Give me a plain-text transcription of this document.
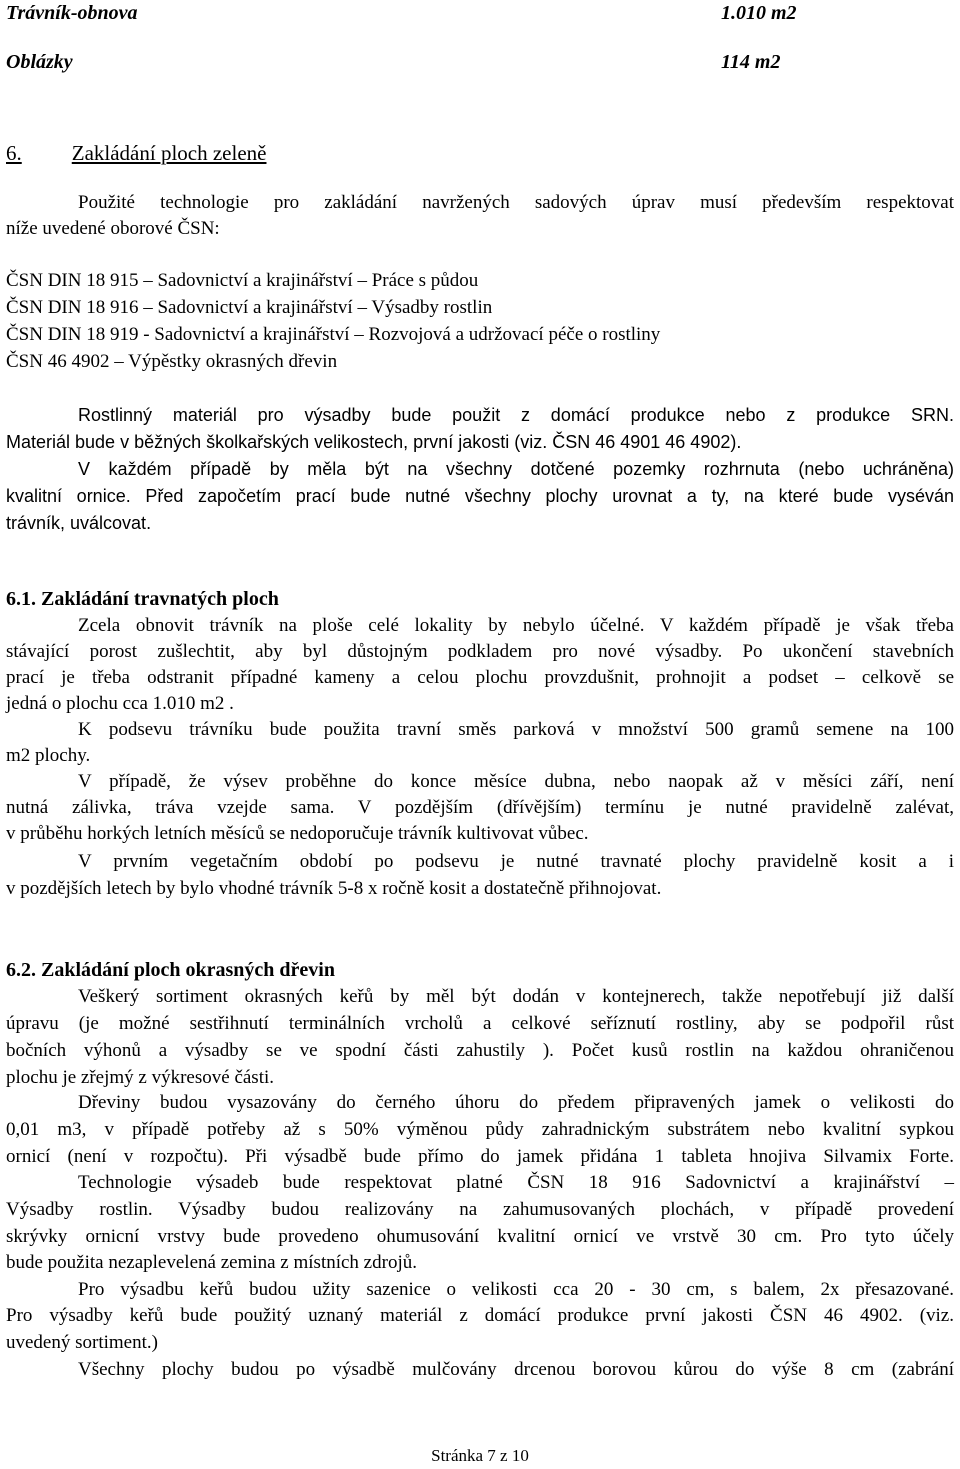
Trávník-obnova	1.010 m2
Oblázky	114 m2
6. Zakládání ploch zeleně
Použité technologie pro zakládání navržených sadových úprav musí především respektovat
níže uvedené oborové ČSN:
ČSN DIN 18 915 – Sadovnictví a krajinářství – Práce s půdou
ČSN DIN 18 916 – Sadovnictví a krajinářství – Výsadby rostlin
ČSN DIN 18 919 - Sadovnictví a krajinářství – Rozvojová a udržovací péče o rostliny
ČSN 46 4902 – Výpěstky okrasných dřevin
Rostlinný materiál pro výsadby bude použit z domácí produkce nebo z produkce SRN.
Materiál bude v běžných školkařských velikostech, první jakosti (viz. ČSN 46 4901 46 4902).
V každém případě by měla být na všechny dotčené pozemky rozhrnuta (nebo uchráněna)
kvalitní ornice. Před započetím prací bude nutné všechny plochy urovnat a ty, na které bude vyséván
trávník, uválcovat.
6.1. Zakládání travnatých ploch
Zcela obnovit trávník na ploše celé lokality by nebylo účelné. V každém případě je však třeba
stávající porost zušlechtit, aby byl důstojným podkladem pro nové výsadby. Po ukončení stavebních
prací je třeba odstranit případné kameny a celou plochu provzdušnit, prohnojit a podset – celkově se
jedná o plochu cca 1.010 m2 .
K podsevu trávníku bude použita travní směs parková v množství 500 gramů semene na 100
m2 plochy.
V případě, že výsev proběhne do konce měsíce dubna, nebo naopak až v měsíci září, není
nutná zálivka, tráva vzejde sama. V pozdějším (dřívějším) termínu je nutné pravidelně zalévat,
v průběhu horkých letních měsíců se nedoporučuje trávník kultivovat vůbec.
V prvním vegetačním období po podsevu je nutné travnaté plochy pravidelně kosit a i
v pozdějších letech by bylo vhodné trávník 5-8 x ročně kosit a dostatečně přihnojovat.
6.2. Zakládání ploch okrasných dřevin
Veškerý sortiment okrasných keřů by měl být dodán v kontejnerech, takže nepotřebují již další
úpravu (je možné sestřihnutí terminálních vrcholů a celkové seříznutí rostliny, aby se podpořil růst
bočních výhonů a výsadby se ve spodní části zahustily ). Počet kusů rostlin na každou ohraničenou
plochu je zřejmý z výkresové části.
Dřeviny budou vysazovány do černého úhoru do předem připravených jamek o velikosti do
0,01 m3, v případě potřeby až s 50% výměnou půdy zahradnickým substrátem nebo kvalitní sypkou
ornicí (není v rozpočtu). Při výsadbě bude přímo do jamek přidána 1 tableta hnojiva Silvamix Forte.
Technologie výsadeb bude respektovat platné ČSN 18 916 Sadovnictví a krajinářství –
Výsadby rostlin. Výsadby budou realizovány na zahumusovaných plochách, v případě provedení
skrývky ornicní vrstvy bude provedeno ohumusování kvalitní ornicí ve vrstvě 30 cm. Pro tyto účely
bude použita nezaplevelená zemina z místních zdrojů.
Pro výsadbu keřů budou užity sazenice o velikosti cca 20 - 30 cm, s balem, 2x přesazované.
Pro výsadby keřů bude použitý uznaný materiál z domácí produkce první jakosti ČSN 46 4902. (viz.
uvedený sortiment.)
Všechny plochy budou po výsadbě mulčovány drcenou borovou kůrou do výše 8 cm (zabrání
Stránka 7 z 10
